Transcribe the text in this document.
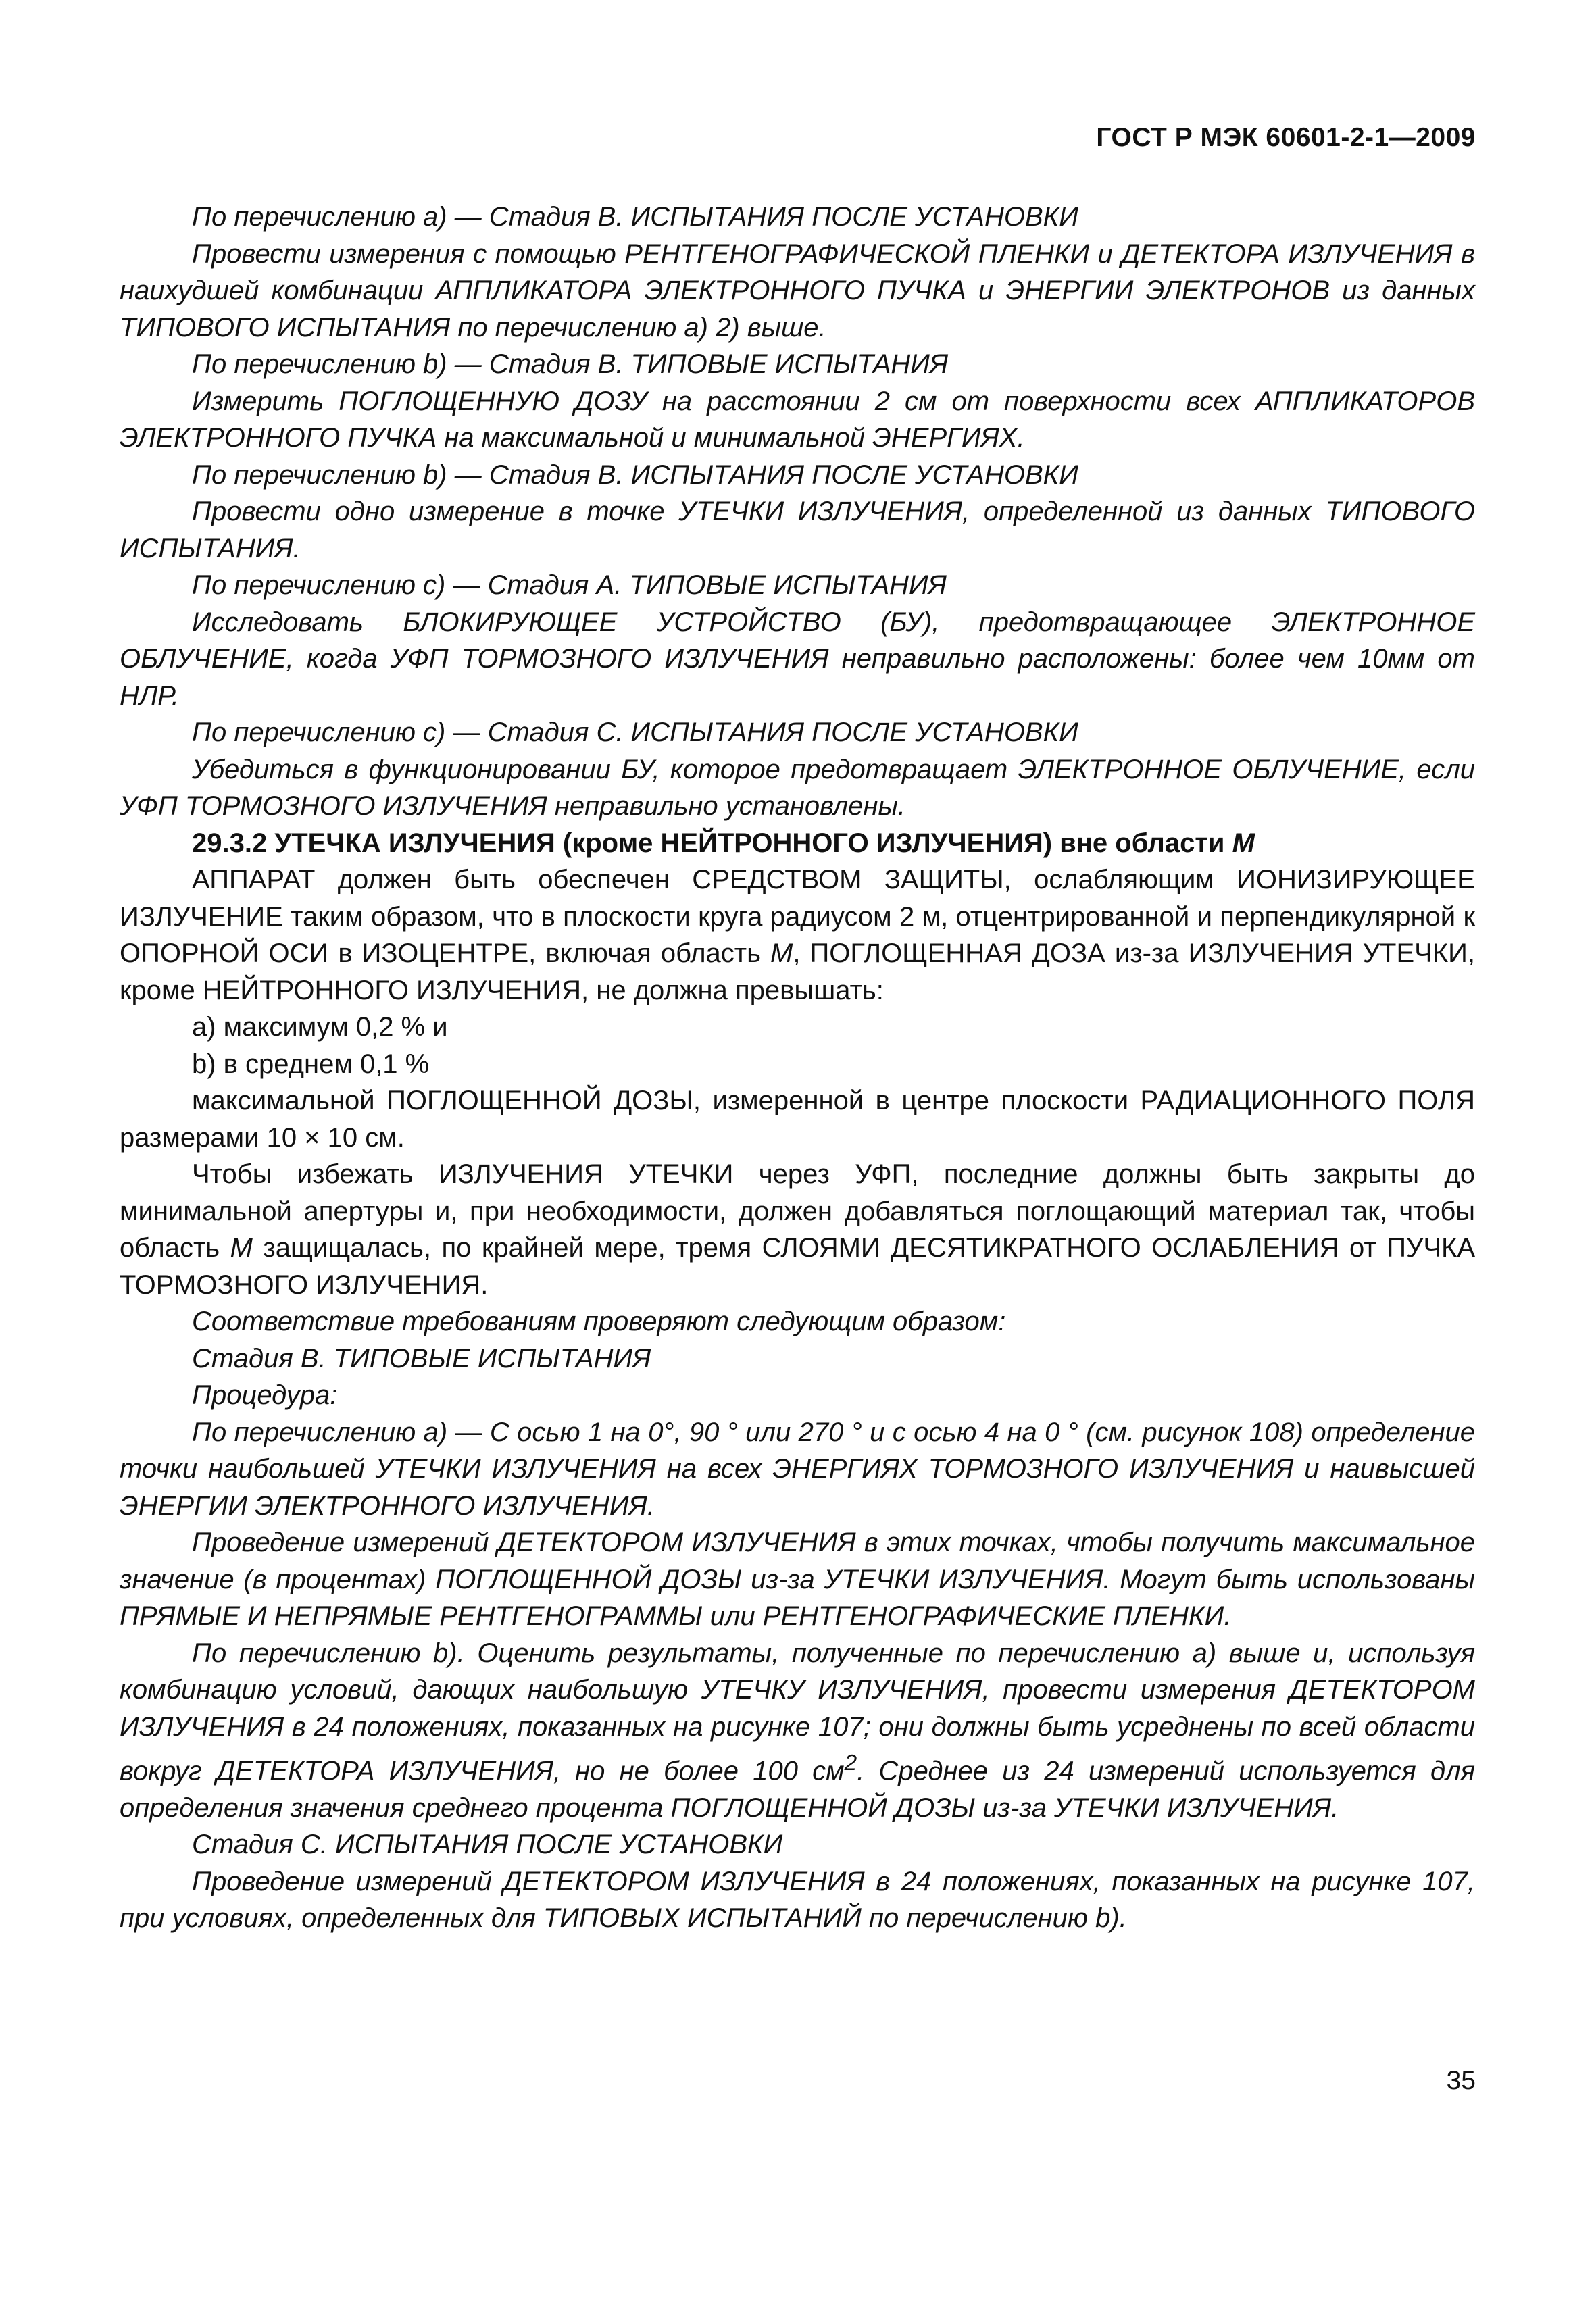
ГОСТ Р МЭК 60601-2-1—2009

По перечислению а) — Стадия В. ИСПЫТАНИЯ ПОСЛЕ УСТАНОВКИ

Провести измерения с помощью РЕНТГЕНОГРАФИЧЕСКОЙ ПЛЕНКИ и ДЕТЕКТОРА ИЗЛУЧЕНИЯ в наихудшей комбинации АППЛИКАТОРА ЭЛЕКТРОННОГО ПУЧКА и ЭНЕРГИИ ЭЛЕКТРОНОВ из данных ТИПОВОГО ИСПЫТАНИЯ по перечислению а) 2) выше.

По перечислению b) — Стадия В. ТИПОВЫЕ ИСПЫТАНИЯ

Измерить ПОГЛОЩЕННУЮ ДОЗУ на расстоянии 2 см от поверхности всех АППЛИКАТОРОВ ЭЛЕКТРОННОГО ПУЧКА на максимальной и минимальной ЭНЕРГИЯХ.

По перечислению b) — Стадия В. ИСПЫТАНИЯ ПОСЛЕ УСТАНОВКИ

Провести одно измерение в точке УТЕЧКИ ИЗЛУЧЕНИЯ, определенной из данных ТИПОВОГО ИСПЫТАНИЯ.

По перечислению с) — Стадия А. ТИПОВЫЕ ИСПЫТАНИЯ

Исследовать БЛОКИРУЮЩЕЕ УСТРОЙСТВО (БУ), предотвращающее ЭЛЕКТРОННОЕ ОБЛУЧЕНИЕ, когда УФП ТОРМОЗНОГО ИЗЛУЧЕНИЯ неправильно расположены: более чем 10мм от НЛР.

По перечислению с) — Стадия С. ИСПЫТАНИЯ ПОСЛЕ УСТАНОВКИ

Убедиться в функционировании БУ, которое предотвращает ЭЛЕКТРОННОЕ ОБЛУЧЕНИЕ, если УФП ТОРМОЗНОГО ИЗЛУЧЕНИЯ неправильно установлены.

29.3.2 УТЕЧКА ИЗЛУЧЕНИЯ (кроме НЕЙТРОННОГО ИЗЛУЧЕНИЯ) вне области М

АППАРАТ должен быть обеспечен СРЕДСТВОМ ЗАЩИТЫ, ослабляющим ИОНИЗИРУЮЩЕЕ ИЗЛУЧЕНИЕ таким образом, что в плоскости круга радиусом 2 м, отцентрированной и перпендикулярной к ОПОРНОЙ ОСИ в ИЗОЦЕНТРЕ, включая область М, ПОГЛОЩЕННАЯ ДОЗА из-за ИЗЛУЧЕНИЯ УТЕЧКИ, кроме НЕЙТРОННОГО ИЗЛУЧЕНИЯ, не должна превышать:

а) максимум 0,2 % и

b) в среднем 0,1 %

максимальной ПОГЛОЩЕННОЙ ДОЗЫ, измеренной в центре плоскости РАДИАЦИОННОГО ПОЛЯ размерами 10 × 10 см.

Чтобы избежать ИЗЛУЧЕНИЯ УТЕЧКИ через УФП, последние должны быть закрыты до минимальной апертуры и, при необходимости, должен добавляться поглощающий материал так, чтобы область М защищалась, по крайней мере, тремя СЛОЯМИ ДЕСЯТИКРАТНОГО ОСЛАБЛЕНИЯ от ПУЧКА ТОРМОЗНОГО ИЗЛУЧЕНИЯ.

Соответствие требованиям проверяют следующим образом:

Стадия В. ТИПОВЫЕ ИСПЫТАНИЯ

Процедура:

По перечислению а) — С осью 1 на 0°, 90 ° или 270 ° и с осью 4 на 0 ° (см. рисунок 108) определение точки наибольшей УТЕЧКИ ИЗЛУЧЕНИЯ на всех ЭНЕРГИЯХ ТОРМОЗНОГО ИЗЛУЧЕНИЯ и наивысшей ЭНЕРГИИ ЭЛЕКТРОННОГО ИЗЛУЧЕНИЯ.

Проведение измерений ДЕТЕКТОРОМ ИЗЛУЧЕНИЯ в этих точках, чтобы получить максимальное значение (в процентах) ПОГЛОЩЕННОЙ ДОЗЫ из-за УТЕЧКИ ИЗЛУЧЕНИЯ. Могут быть использованы ПРЯМЫЕ И НЕПРЯМЫЕ РЕНТГЕНОГРАММЫ или РЕНТГЕНОГРАФИЧЕСКИЕ ПЛЕНКИ.

По перечислению b). Оценить результаты, полученные по перечислению а) выше и, используя комбинацию условий, дающих наибольшую УТЕЧКУ ИЗЛУЧЕНИЯ, провести измерения ДЕТЕКТОРОМ ИЗЛУЧЕНИЯ в 24 положениях, показанных на рисунке 107; они должны быть усреднены по всей области вокруг ДЕТЕКТОРА ИЗЛУЧЕНИЯ, но не более 100 $см^2$. Среднее из 24 измерений используется для определения значения среднего процента ПОГЛОЩЕННОЙ ДОЗЫ из-за УТЕЧКИ ИЗЛУЧЕНИЯ.

Стадия С. ИСПЫТАНИЯ ПОСЛЕ УСТАНОВКИ

Проведение измерений ДЕТЕКТОРОМ ИЗЛУЧЕНИЯ в 24 положениях, показанных на рисунке 107, при условиях, определенных для ТИПОВЫХ ИСПЫТАНИЙ по перечислению b).

35
